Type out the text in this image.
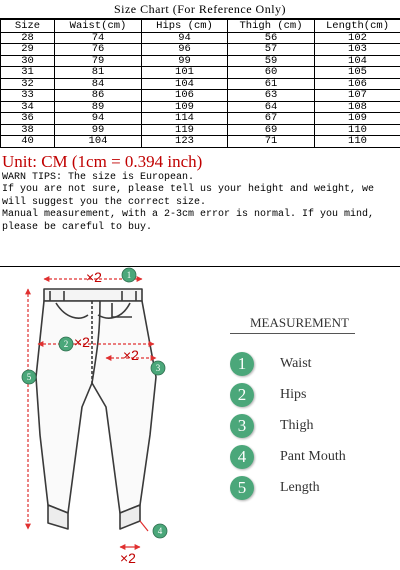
Size Chart (For Reference Only)
Size	Waist(cm)	Hips (cm)	Thigh (cm)	Length(cm)
28	74	94	56	102
29	76	96	57	103
30	79	99	59	104
31	81	101	60	105
32	84	104	61	106
33	86	106	63	107
34	89	109	64	108
36	94	114	67	109
38	99	119	69	110
40	104	123	71	110
Unit: CM (1cm = 0.394 inch)

WARN TIPS: The size is European.

If you are not sure, please tell us your height and weight, we will suggest you the correct size.

Manual measurement, with a 2-3cm error is normal. If you mind, please be careful to buy.

×2
×2
×2
×2
1
2
3
4
5
MEASUREMENT
1	Waist
2	Hips
3	Thigh
4	Pant Mouth
5	Length
